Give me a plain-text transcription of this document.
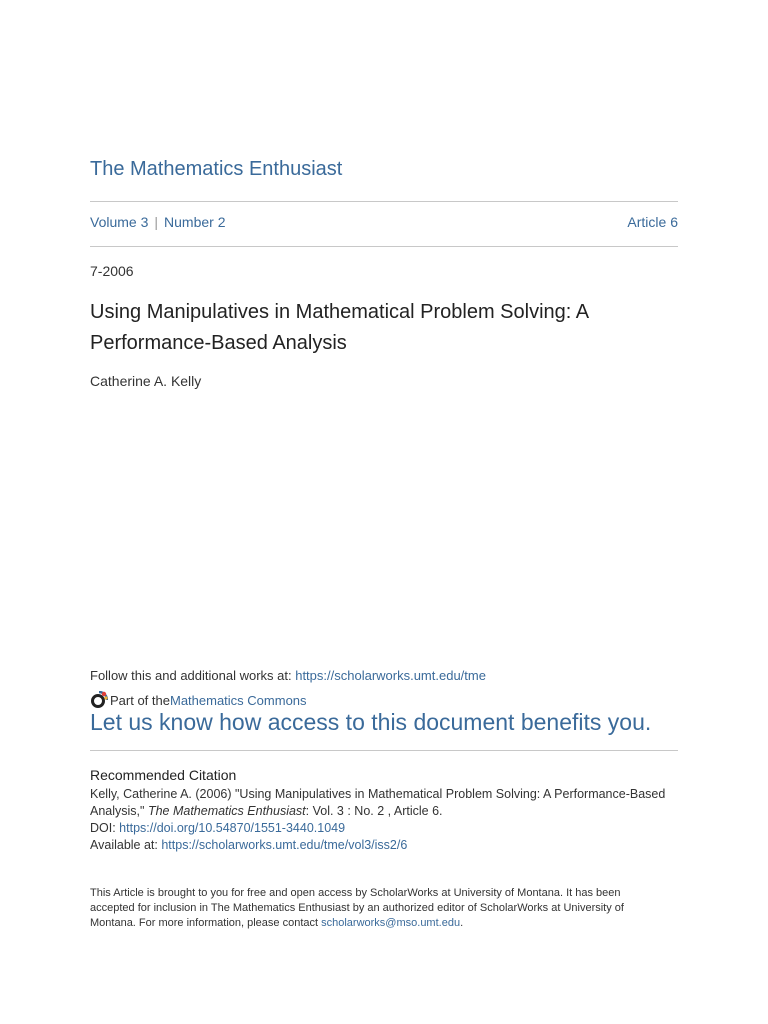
The Mathematics Enthusiast
Volume 3 | Number 2	Article 6
7-2006
Using Manipulatives in Mathematical Problem Solving: A
Performance-Based Analysis
Catherine A. Kelly
Follow this and additional works at: https://scholarworks.umt.edu/tme
Part of the Mathematics Commons
Let us know how access to this document benefits you.
Recommended Citation
Kelly, Catherine A. (2006) "Using Manipulatives in Mathematical Problem Solving: A Performance-Based
Analysis," The Mathematics Enthusiast: Vol. 3 : No. 2 , Article 6.
DOI: https://doi.org/10.54870/1551-3440.1049
Available at: https://scholarworks.umt.edu/tme/vol3/iss2/6
This Article is brought to you for free and open access by ScholarWorks at University of Montana. It has been
accepted for inclusion in The Mathematics Enthusiast by an authorized editor of ScholarWorks at University of
Montana. For more information, please contact scholarworks@mso.umt.edu.
